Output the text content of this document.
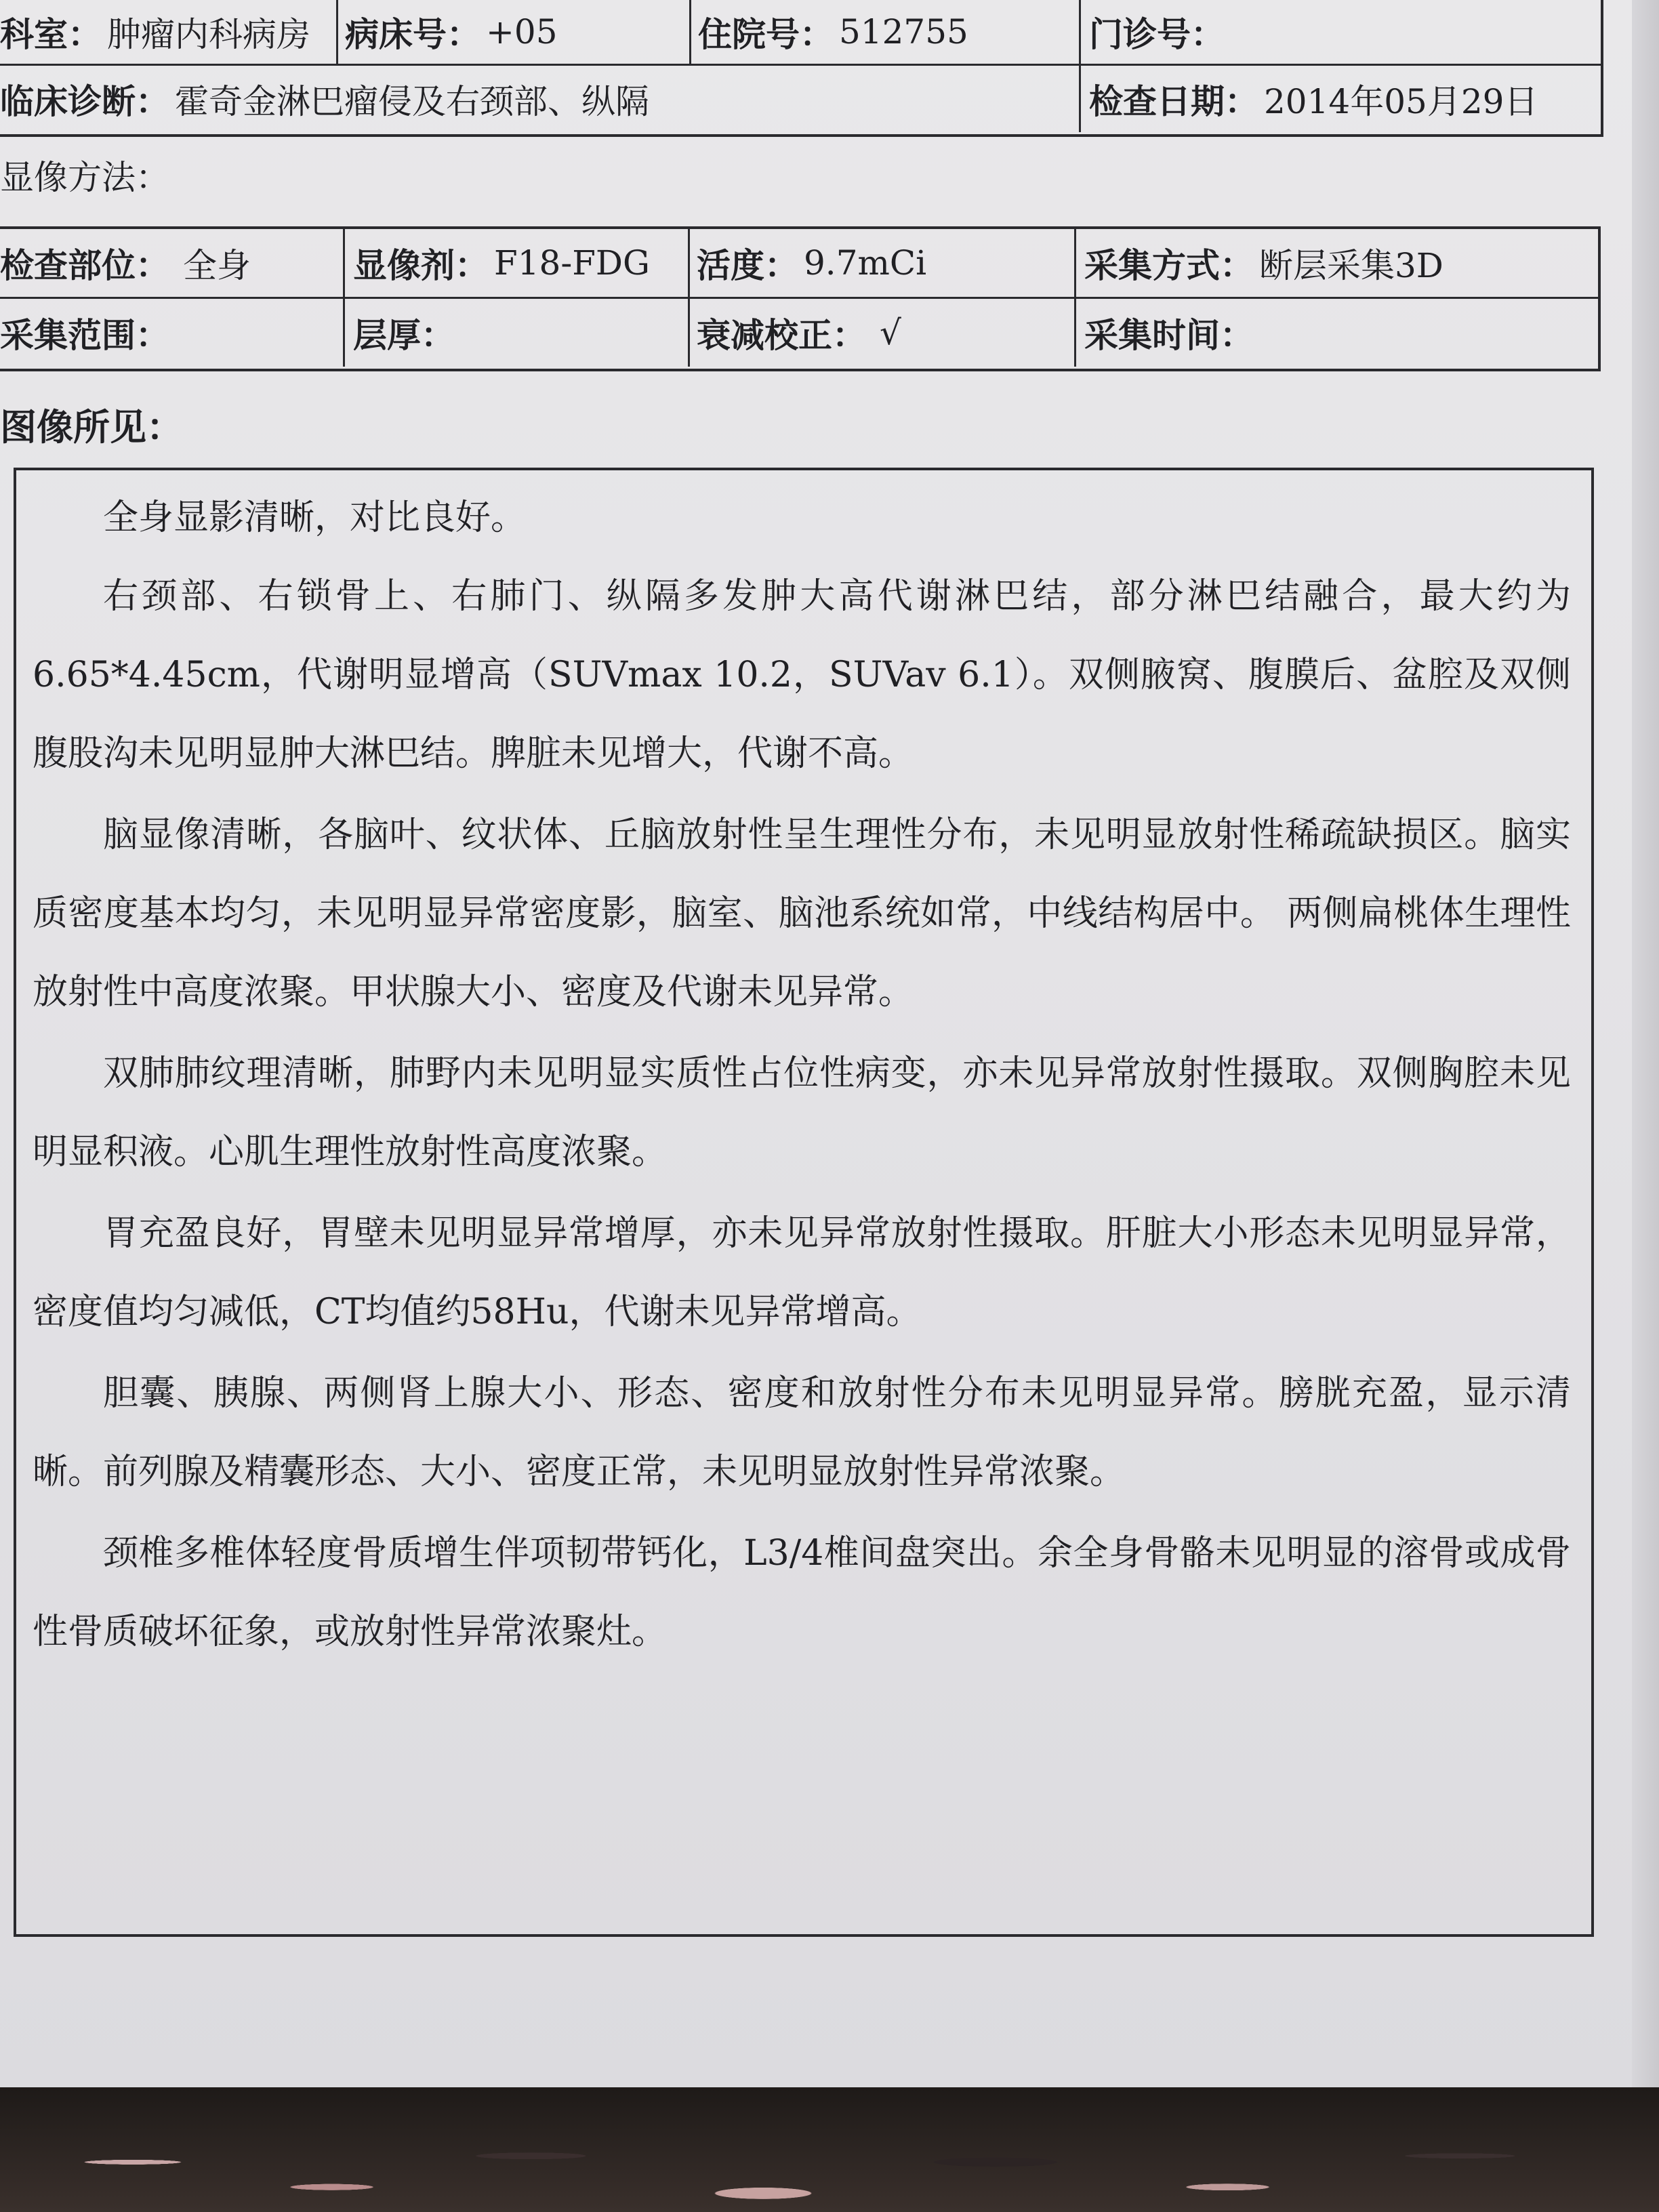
科室： 肿瘤内科病房 病床号： +05	住院号： 512755	门诊号：
临床诊断： 霍奇金淋巴瘤侵及右颈部、纵隔	检查日期： 2014年05月29日
显像方法：
检查部位： 全身	显像剂： F18-FDG 活度： 9.7mCi	采集方式： 断层采集3D
采集范围：	层厚：	衰减校正： √	采集时间：
图像所见：
全身显影清晰，对比良好。
右颈部、右锁骨上、右肺门、纵隔多发肿大高代谢淋巴结，部分淋巴结融合，最大约为6.65*4.45cm，代谢明显增高（SUVmax 10.2，SUVav 6.1）。双侧腋窝、腹膜后、盆腔及双侧腹股沟未见明显肿大淋巴结。脾脏未见增大，代谢不高。
脑显像清晰，各脑叶、纹状体、丘脑放射性呈生理性分布，未见明显放射性稀疏缺损区。脑实质密度基本均匀，未见明显异常密度影，脑室、脑池系统如常，中线结构居中。 两侧扁桃体生理性放射性中高度浓聚。甲状腺大小、密度及代谢未见异常。
双肺肺纹理清晰，肺野内未见明显实质性占位性病变，亦未见异常放射性摄取。双侧胸腔未见明显积液。心肌生理性放射性高度浓聚。
胃充盈良好，胃壁未见明显异常增厚，亦未见异常放射性摄取。肝脏大小形态未见明显异常，密度值均匀减低，CT均值约58Hu，代谢未见异常增高。
胆囊、胰腺、两侧肾上腺大小、形态、密度和放射性分布未见明显异常。膀胱充盈，显示清晰。前列腺及精囊形态、大小、密度正常，未见明显放射性异常浓聚。
颈椎多椎体轻度骨质增生伴项韧带钙化，L3/4椎间盘突出。余全身骨骼未见明显的溶骨或成骨性骨质破坏征象，或放射性异常浓聚灶。
